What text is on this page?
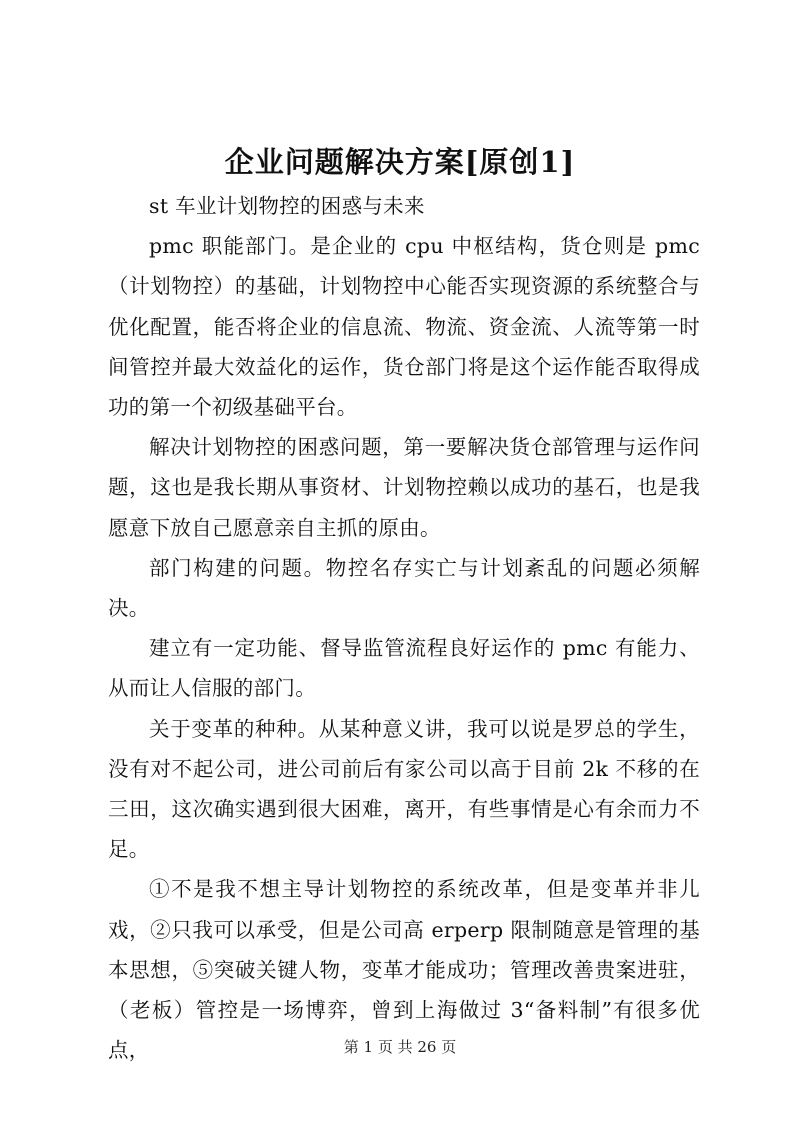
企业问题解决方案[原创1]

st 车业计划物控的困惑与未来

pmc 职能部门。是企业的 cpu 中枢结构，货仓则是 pmc（计划物控）的基础，计划物控中心能否实现资源的系统整合与优化配置，能否将企业的信息流、物流、资金流、人流等第一时间管控并最大效益化的运作，货仓部门将是这个运作能否取得成功的第一个初级基础平台。

解决计划物控的困惑问题，第一要解决货仓部管理与运作问题，这也是我长期从事资材、计划物控赖以成功的基石，也是我愿意下放自己愿意亲自主抓的原由。

部门构建的问题。物控名存实亡与计划紊乱的问题必须解决。

建立有一定功能、督导监管流程良好运作的 pmc 有能力、从而让人信服的部门。

关于变革的种种。从某种意义讲，我可以说是罗总的学生，没有对不起公司，进公司前后有家公司以高于目前 2k 不移的在三田，这次确实遇到很大困难，离开，有些事情是心有余而力不足。

①不是我不想主导计划物控的系统改革，但是变革并非儿戏，②只我可以承受，但是公司高 erperp 限制随意是管理的基本思想，⑤突破关键人物，变革才能成功；管理改善贵案进驻，（老板）管控是一场博弈，曾到上海做过 3“备料制”有很多优点，	第 1 页 共 26 页
